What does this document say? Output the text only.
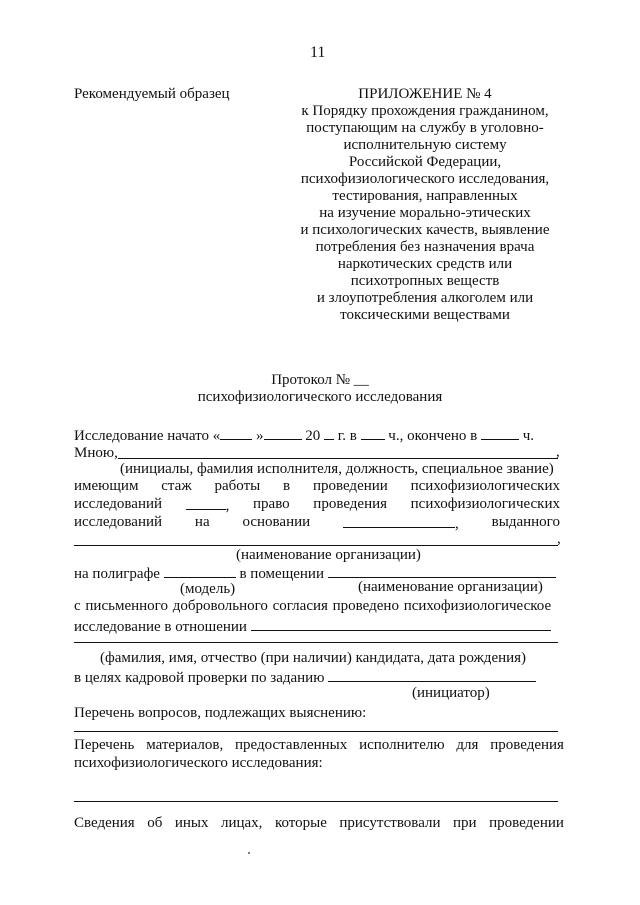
11
Рекомендуемый образец	ПРИЛОЖЕНИЕ № 4
к Порядку прохождения гражданином,
поступающим на службу в уголовно-
исполнительную систему
Российской Федерации,
психофизиологического исследования,
тестирования, направленных
на изучение морально-этических
и психологических качеств, выявление
потребления без назначения врача
наркотических средств или
психотропных веществ
и злоупотребления алкоголем или
токсическими веществами
Протокол № __
психофизиологического исследования
Исследование начато « »	20 г. в ч., окончено в	ч.
Мною,	,
(инициалы, фамилия исполнителя, должность, специальное звание)
имеющим стаж работы в проведении психофизиологических
исследований	, право проведения психофизиологических
исследований на основании	, выданного
,
(наименование организации)
на полиграфе	в помещении
(модель)	(наименование организации)
с письменного добровольного согласия проведено психофизиологическое
исследование в отношении
(фамилия, имя, отчество (при наличии) кандидата, дата рождения)
в целях кадровой проверки по заданию
(инициатор)
Перечень вопросов, подлежащих выяснению:
Перечень материалов, предоставленных исполнителю для проведения
психофизиологического исследования:
Сведения об иных лицах, которые присутствовали при проведении
